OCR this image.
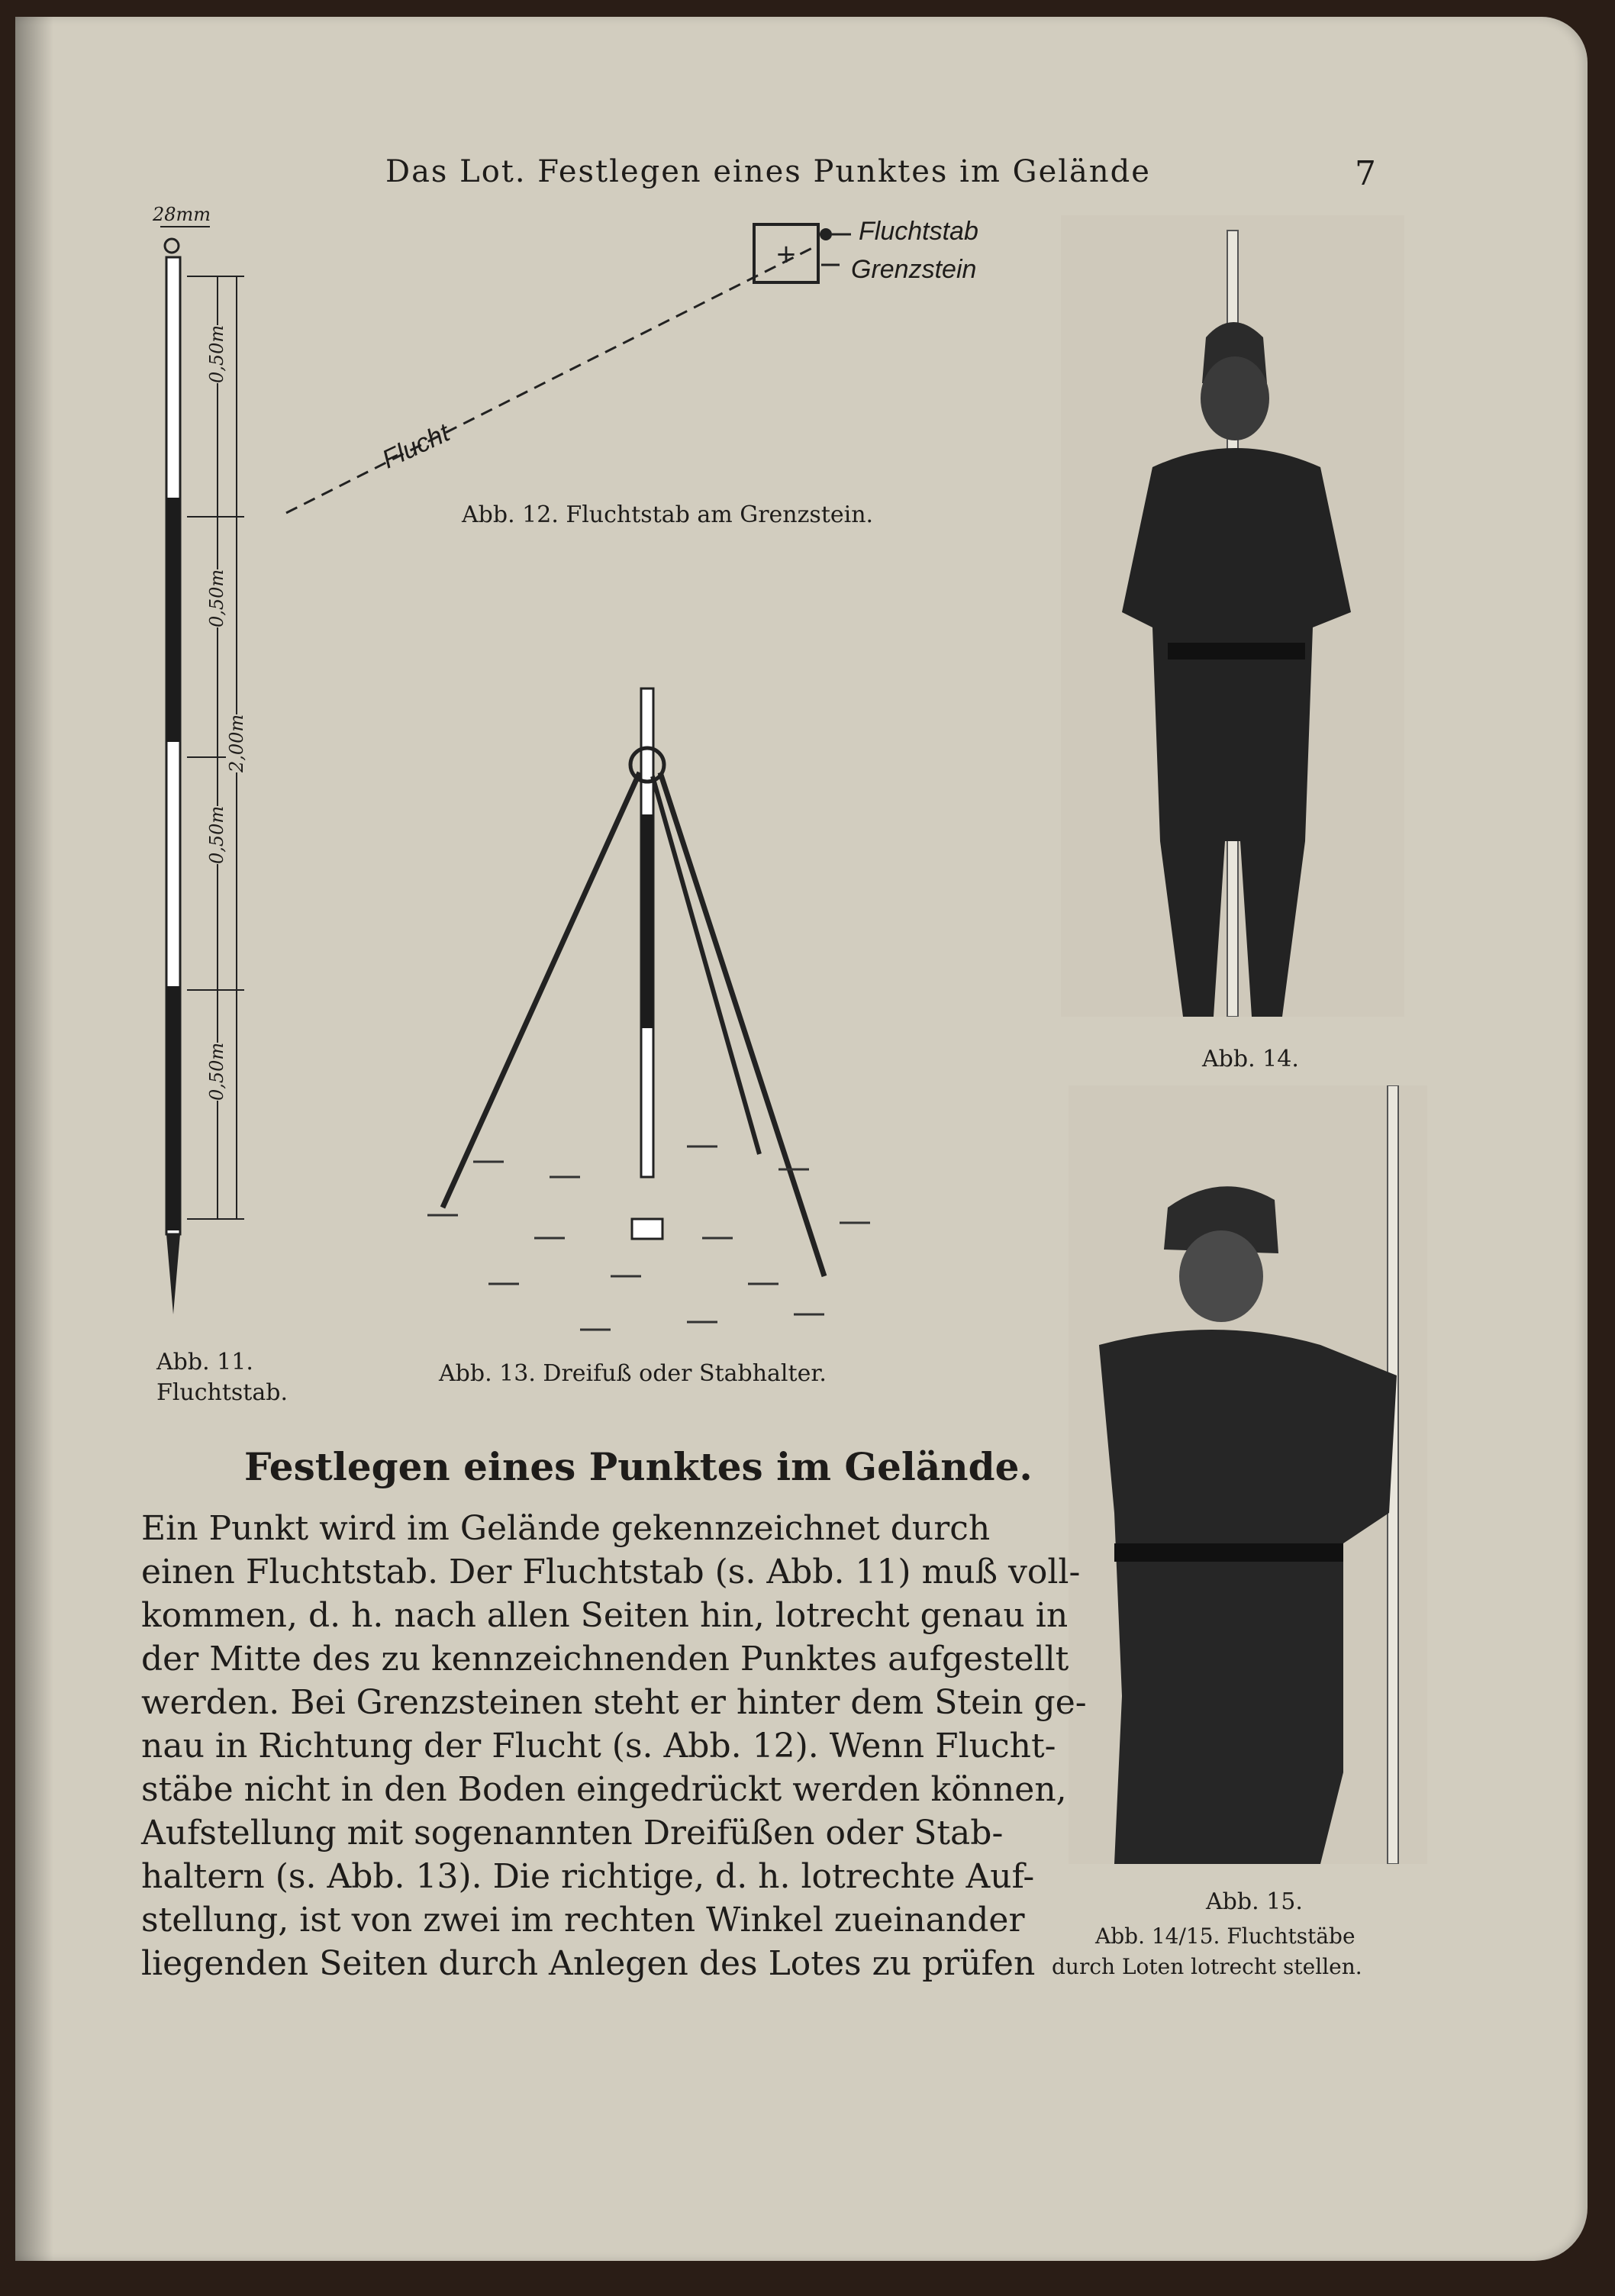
Das Lot. Festlegen eines Punktes im Gelände	7
+
28mm
0,50m
0,50m
0,50m
0,50m
2,00m
Abb. 11.
Fluchtstab.
Fluchtstab
Grenzstein
Flucht
Abb. 12. Fluchtstab am Grenzstein.
Abb. 13. Dreifuß oder Stabhalter.
Abb. 14.
Abb. 15.
Abb. 14/15. Fluchtstäbe
durch Loten lotrecht stellen.
Festlegen eines Punktes im Gelände.
Ein Punkt wird im Gelände gekennzeichnet durch
einen Fluchtstab. Der Fluchtstab (s. Abb. 11) muß voll-
kommen, d. h. nach allen Seiten hin, lotrecht genau in
der Mitte des zu kennzeichnenden Punktes aufgestellt
werden. Bei Grenzsteinen steht er hinter dem Stein ge-
nau in Richtung der Flucht (s. Abb. 12). Wenn Flucht-
stäbe nicht in den Boden eingedrückt werden können,
Aufstellung mit sogenannten Dreifüßen oder Stab-
haltern (s. Abb. 13). Die richtige, d. h. lotrechte Auf-
stellung, ist von zwei im rechten Winkel zueinander
liegenden Seiten durch Anlegen des Lotes zu prüfen
